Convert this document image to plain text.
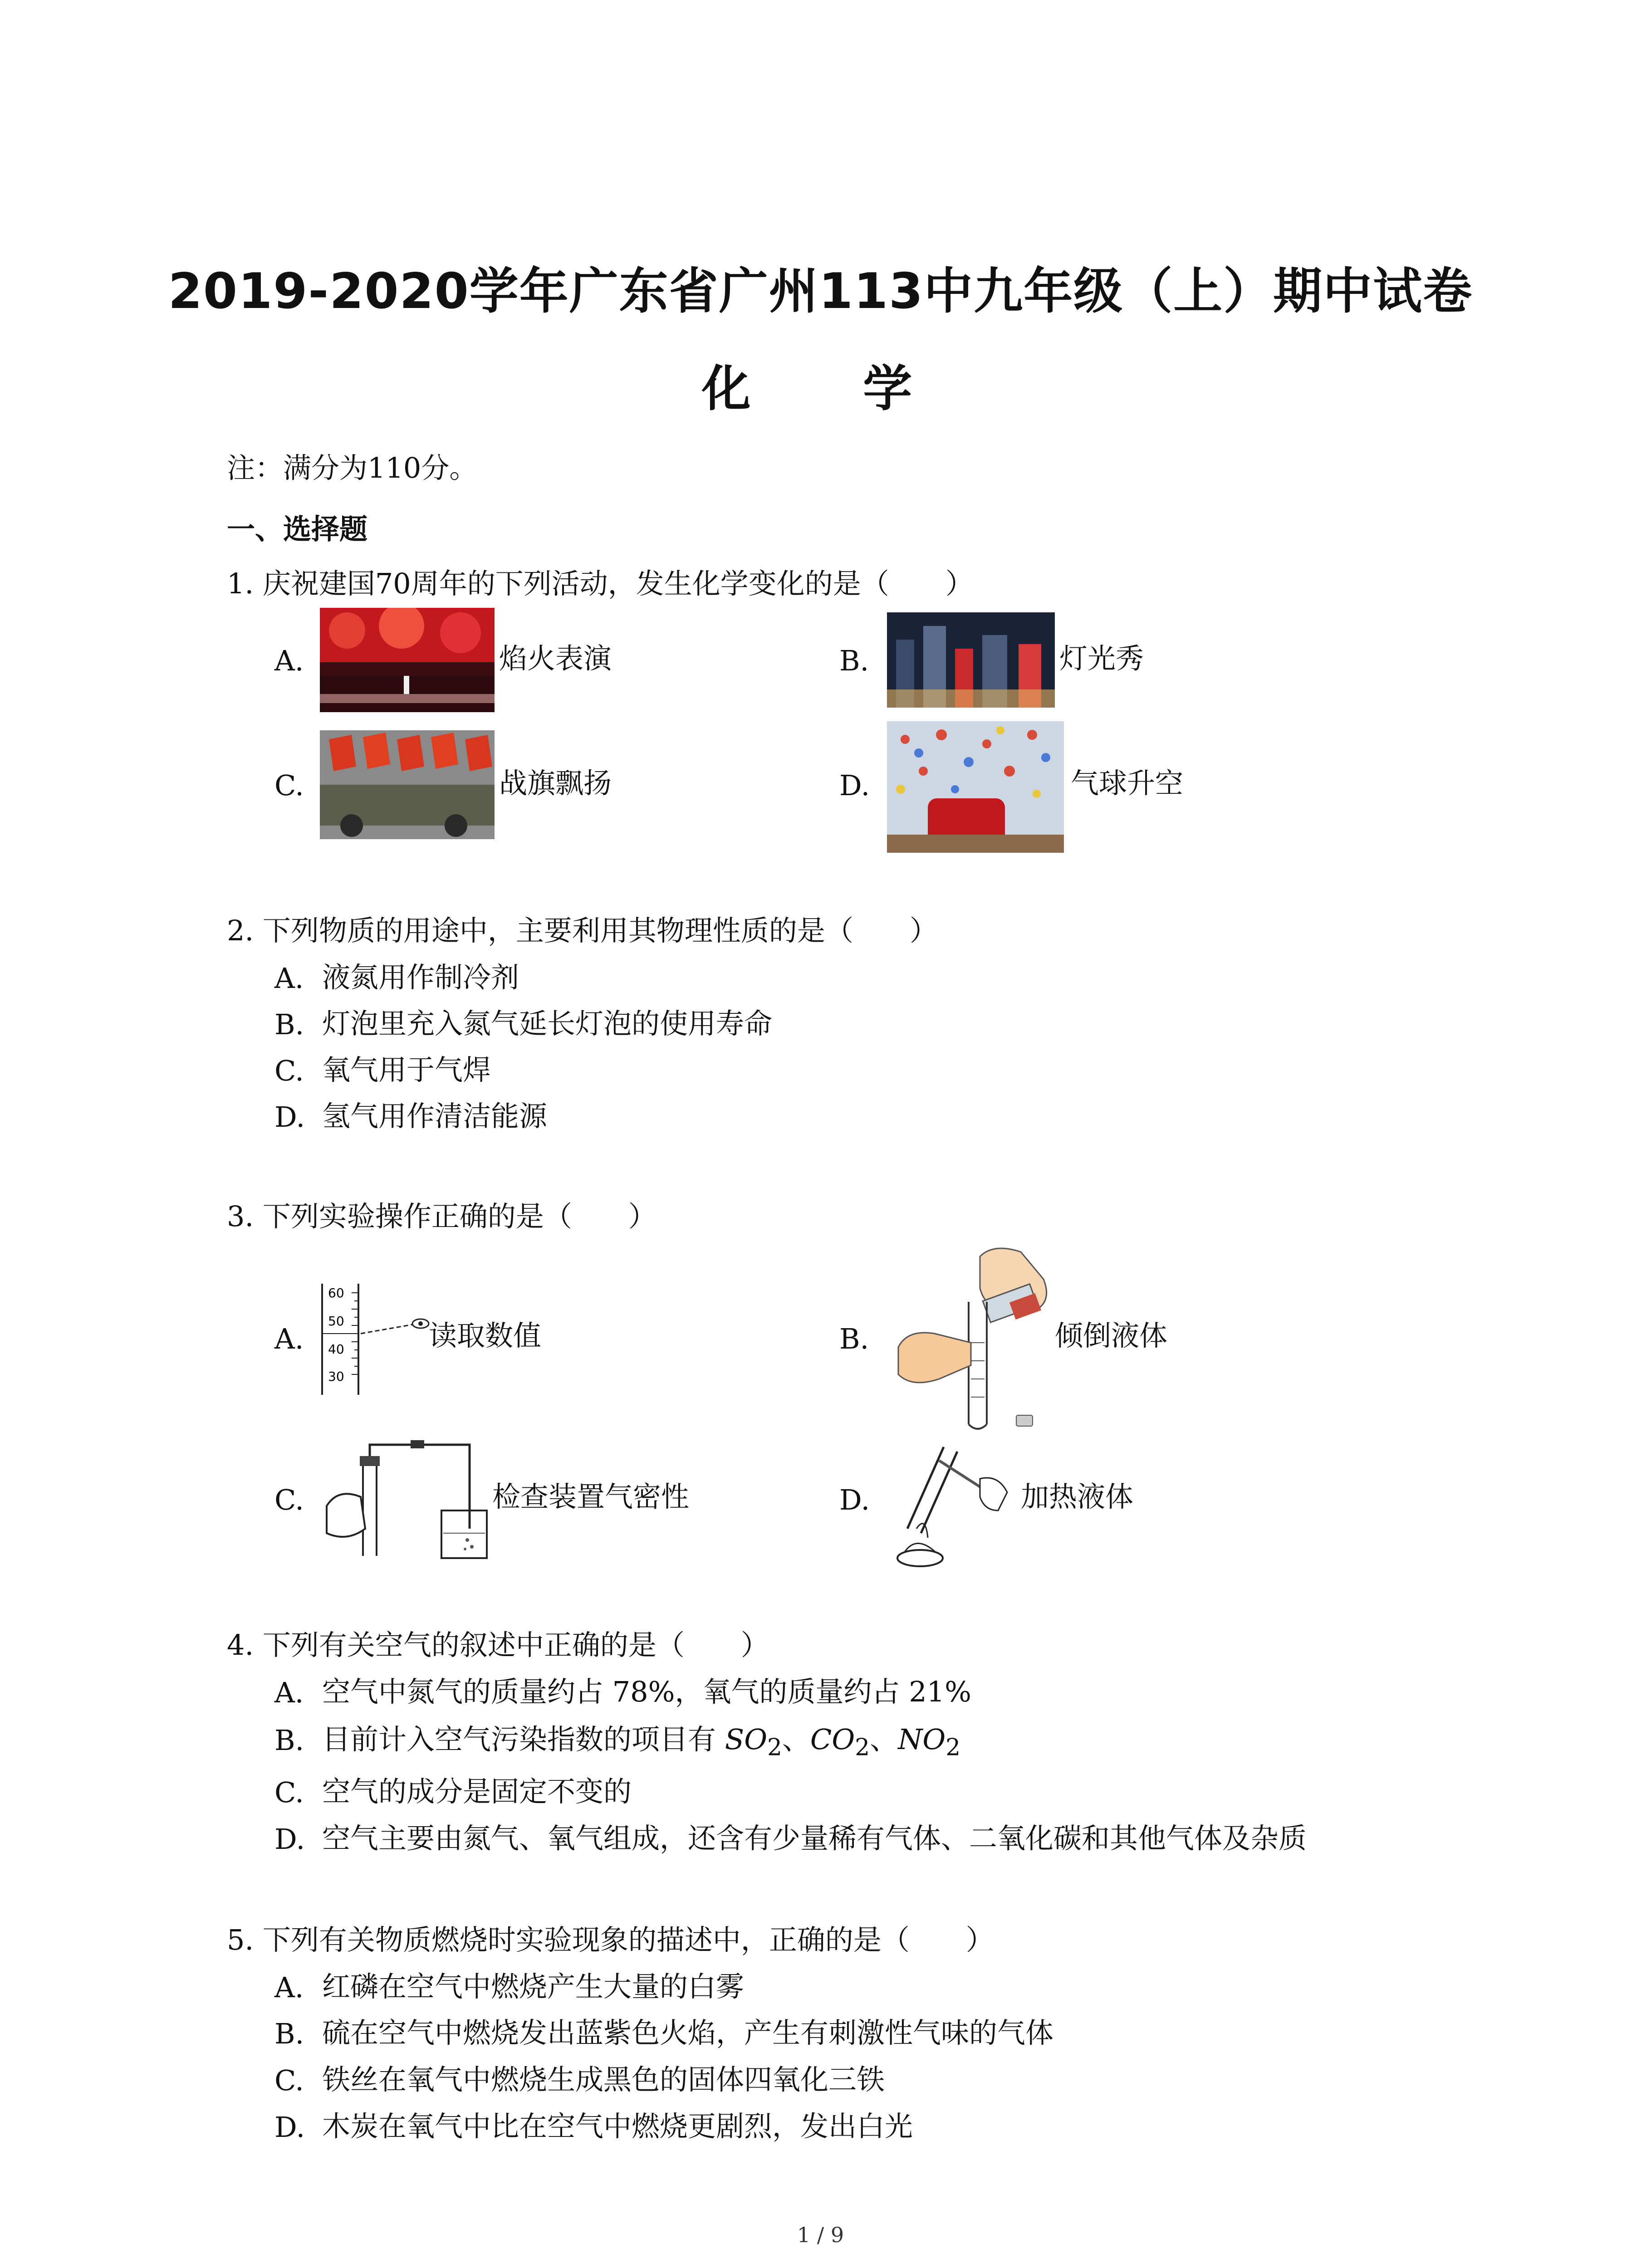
2019-2020学年广东省广州113中九年级（上）期中试卷
化 学
注：满分为110分。
一、选择题
1. 庆祝建国70周年的下列活动，发生化学变化的是（　　）
A.	焰火表演	B.	灯光秀
C.	战旗飘扬	D.	气球升空
2. 下列物质的用途中，主要利用其物理性质的是（　　）
A. 液氮用作制冷剂
B. 灯泡里充入氮气延长灯泡的使用寿命
C. 氧气用于气焊
D. 氢气用作清洁能源
3. 下列实验操作正确的是（　　）
A.
60
50
40
30
读取数值	B.	倾倒液体
C.	检查装置气密性	D.	加热液体
4. 下列有关空气的叙述中正确的是（　　）
A. 空气中氮气的质量约占 78%，氧气的质量约占 21%
B. 目前计入空气污染指数的项目有 $SO_2$、$CO_2$、$NO_2$
C. 空气的成分是固定不变的
D. 空气主要由氮气、氧气组成，还含有少量稀有气体、二氧化碳和其他气体及杂质
5. 下列有关物质燃烧时实验现象的描述中，正确的是（　　）
A. 红磷在空气中燃烧产生大量的白雾
B. 硫在空气中燃烧发出蓝紫色火焰，产生有刺激性气味的气体
C. 铁丝在氧气中燃烧生成黑色的固体四氧化三铁
D. 木炭在氧气中比在空气中燃烧更剧烈，发出白光
1 / 9
